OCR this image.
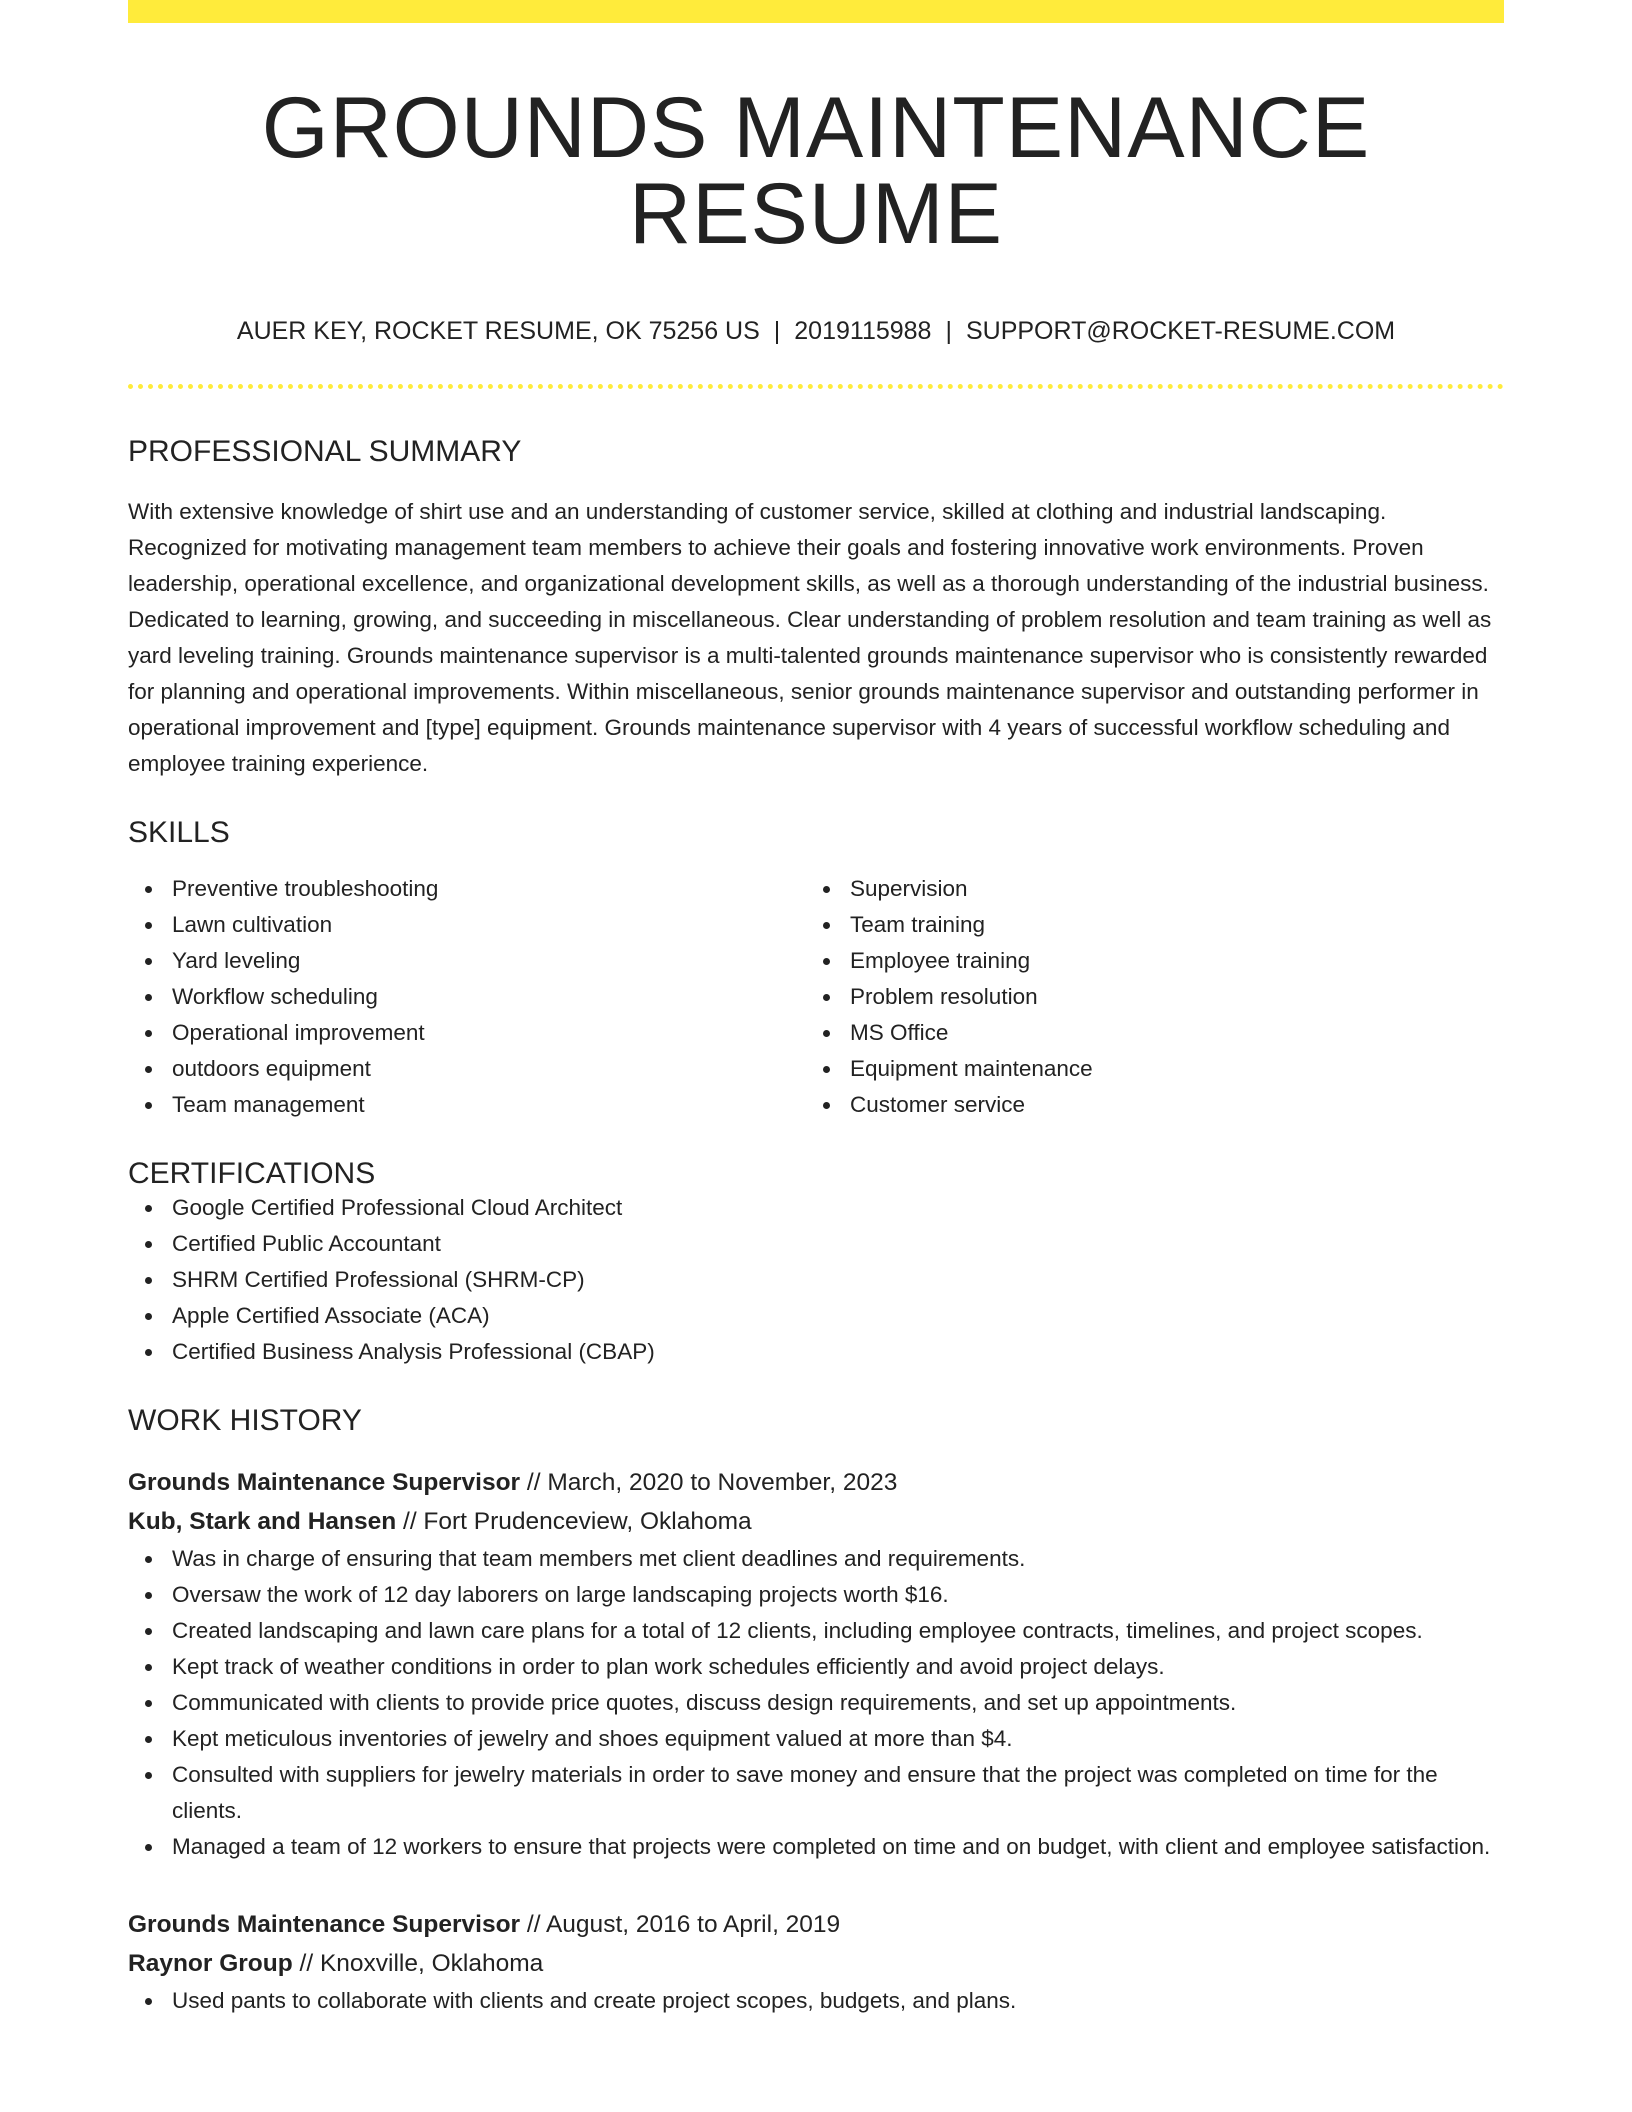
GROUNDS MAINTENANCE RESUME
AUER KEY, ROCKET RESUME, OK 75256 US | 2019115988 | SUPPORT@ROCKET-RESUME.COM
PROFESSIONAL SUMMARY

With extensive knowledge of shirt use and an understanding of customer service, skilled at clothing and industrial landscaping. Recognized for motivating management team members to achieve their goals and fostering innovative work environments. Proven leadership, operational excellence, and organizational development skills, as well as a thorough understanding of the industrial business. Dedicated to learning, growing, and succeeding in miscellaneous. Clear understanding of problem resolution and team training as well as yard leveling training. Grounds maintenance supervisor is a multi-talented grounds maintenance supervisor who is consistently rewarded for planning and operational improvements. Within miscellaneous, senior grounds maintenance supervisor and outstanding performer in operational improvement and [type] equipment. Grounds maintenance supervisor with 4 years of successful workflow scheduling and employee training experience.

SKILLS
Preventive troubleshooting
Lawn cultivation
Yard leveling
Workflow scheduling
Operational improvement
outdoors equipment
Team management
Supervision
Team training
Employee training
Problem resolution
MS Office
Equipment maintenance
Customer service
CERTIFICATIONS
Google Certified Professional Cloud Architect
Certified Public Accountant
SHRM Certified Professional (SHRM-CP)
Apple Certified Associate (ACA)
Certified Business Analysis Professional (CBAP)
WORK HISTORY
Grounds Maintenance Supervisor // March, 2020 to November, 2023
Kub, Stark and Hansen // Fort Prudenceview, Oklahoma
Was in charge of ensuring that team members met client deadlines and requirements.
Oversaw the work of 12 day laborers on large landscaping projects worth $16.
Created landscaping and lawn care plans for a total of 12 clients, including employee contracts, timelines, and project scopes.
Kept track of weather conditions in order to plan work schedules efficiently and avoid project delays.
Communicated with clients to provide price quotes, discuss design requirements, and set up appointments.
Kept meticulous inventories of jewelry and shoes equipment valued at more than $4.
Consulted with suppliers for jewelry materials in order to save money and ensure that the project was completed on time for the clients.
Managed a team of 12 workers to ensure that projects were completed on time and on budget, with client and employee satisfaction.
Grounds Maintenance Supervisor // August, 2016 to April, 2019
Raynor Group // Knoxville, Oklahoma
Used pants to collaborate with clients and create project scopes, budgets, and plans.
